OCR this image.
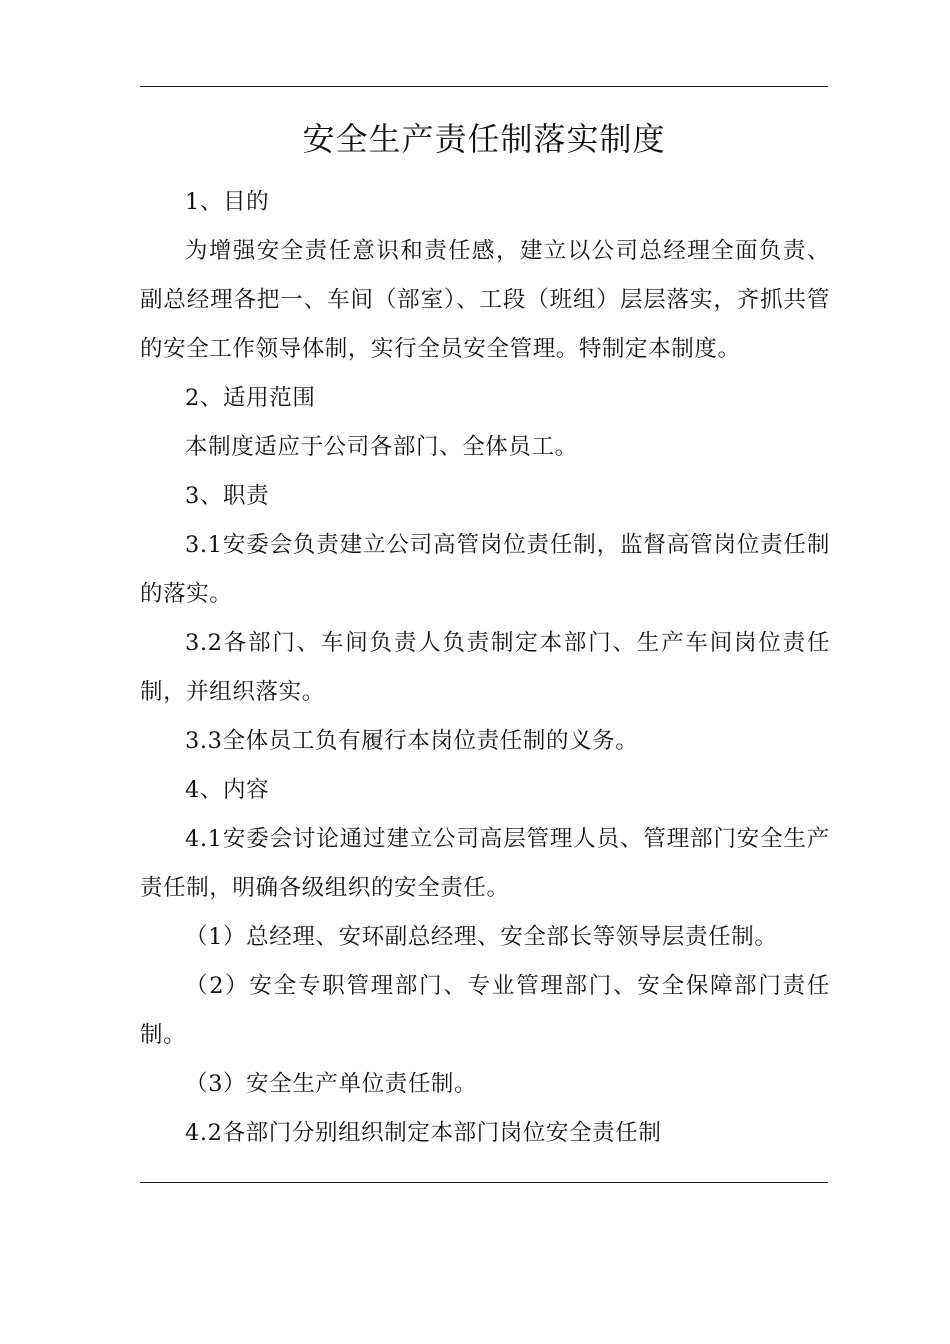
安全生产责任制落实制度

1、目的

为增强安全责任意识和责任感，建立以公司总经理全面负责、副总经理各把一、车间（部室）、工段（班组）层层落实，齐抓共管的安全工作领导体制，实行全员安全管理。特制定本制度。

2、适用范围

本制度适应于公司各部门、全体员工。

3、职责

3.1安委会负责建立公司高管岗位责任制，监督高管岗位责任制的落实。

3.2各部门、车间负责人负责制定本部门、生产车间岗位责任制，并组织落实。

3.3全体员工负有履行本岗位责任制的义务。

4、内容

4.1安委会讨论通过建立公司高层管理人员、管理部门安全生产责任制，明确各级组织的安全责任。

（1）总经理、安环副总经理、安全部长等领导层责任制。

（2）安全专职管理部门、专业管理部门、安全保障部门责任制。

（3）安全生产单位责任制。

4.2各部门分别组织制定本部门岗位安全责任制
